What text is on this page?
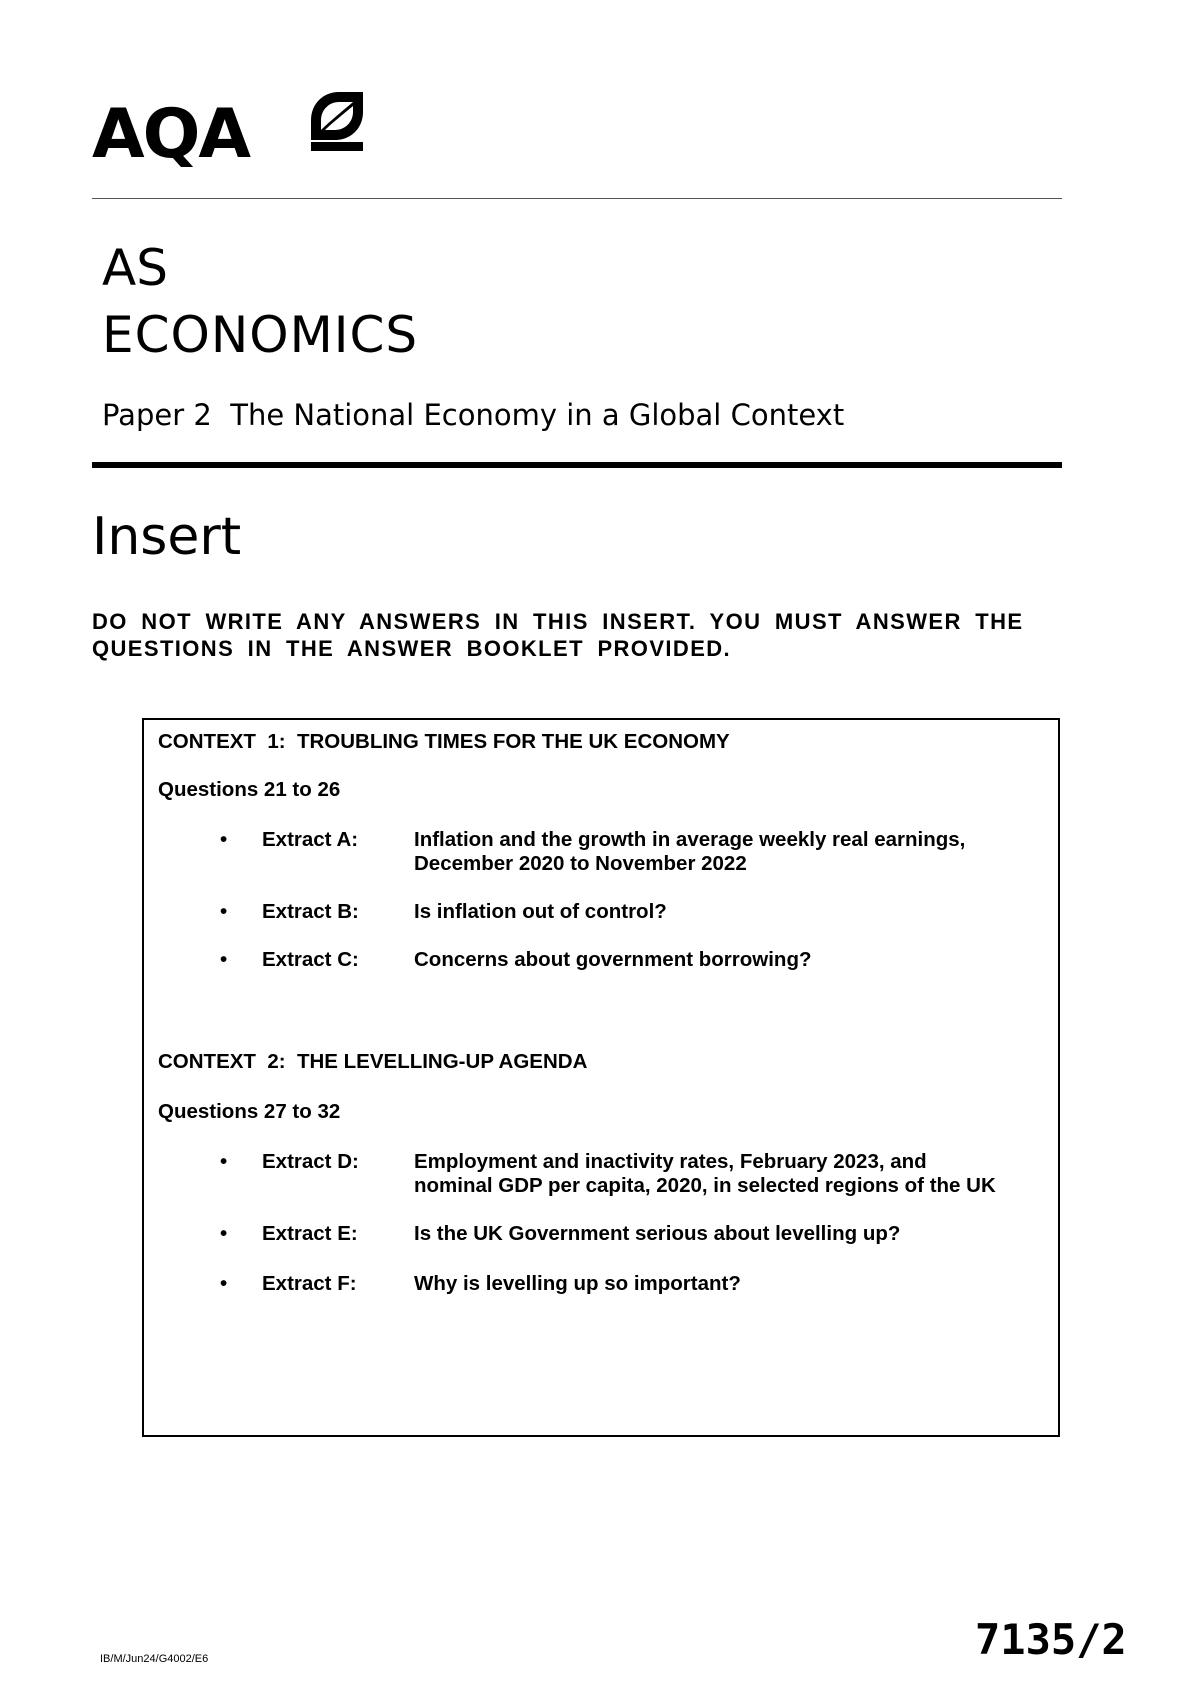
AQA
AS
ECONOMICS
Paper 2  The National Economy in a Global Context
Insert
DO NOT WRITE ANY ANSWERS IN THIS INSERT. YOU MUST ANSWER THE QUESTIONS IN THE ANSWER BOOKLET PROVIDED.
CONTEXT  1:  TROUBLING TIMES FOR THE UK ECONOMY
Questions 21 to 26
• Extract A:	Inflation and the growth in average weekly real earnings,
December 2020 to November 2022
• Extract B:	Is inflation out of control?
• Extract C:	Concerns about government borrowing?
CONTEXT  2:  THE LEVELLING-UP AGENDA
Questions 27 to 32
• Extract D:	Employment and inactivity rates, February 2023, and
nominal GDP per capita, 2020, in selected regions of the UK
• Extract E:	Is the UK Government serious about levelling up?
• Extract F:	Why is levelling up so important?
IB/M/Jun24/G4002/E6	7135/2
